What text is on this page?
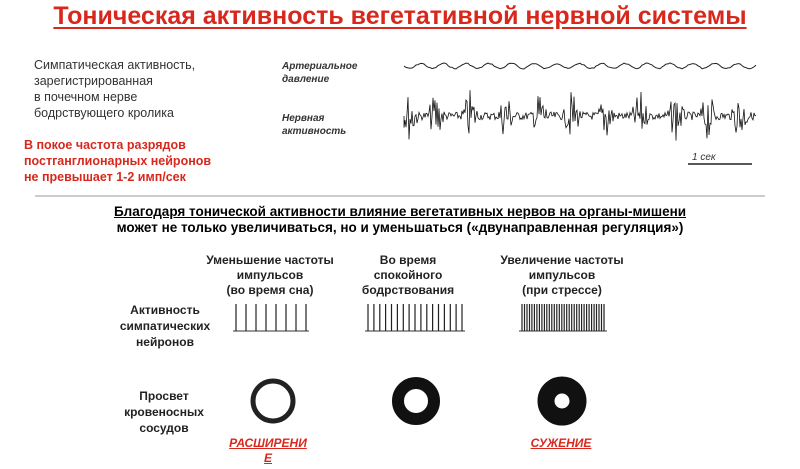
Тоническая активность вегетативной нервной системы
Симпатическая активность,
зарегистрированная
в почечном нерве
бодрствующего кролика
В покое частота разрядов
постганглионарных нейронов
не превышает 1-2 имп/сек
Артериальное
давление
Нервная
активность
1 сек
Благодаря тонической активности влияние вегетативных нервов на органы-мишени
может не только увеличиваться, но и уменьшаться («двунаправленная регуляция»)
Уменьшение частоты
импульсов
(во время сна)
Во время
спокойного
бодрствования
Увеличение частоты
импульсов
(при стрессе)
Активность
симпатических
нейронов
Просвет
кровеносных
сосудов
РАСШИРЕНИЕ
СУЖЕНИЕ
